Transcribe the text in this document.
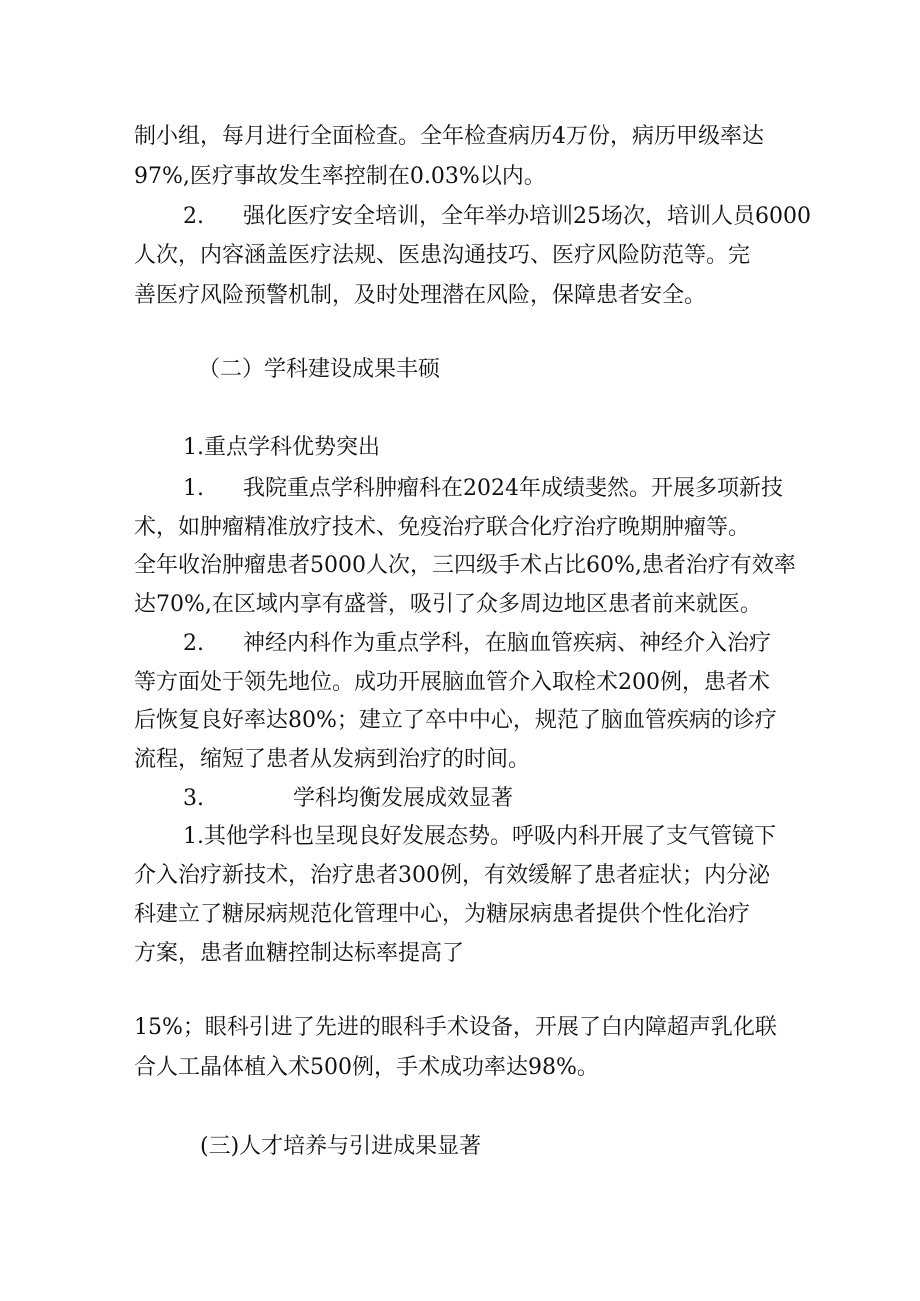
制小组，每月进行全面检查。全年检查病历4万份，病历甲级率达

97%,医疗事故发生率控制在0.03%以内。

2. 强化医疗安全培训，全年举办培训25场次，培训人员6000

人次，内容涵盖医疗法规、医患沟通技巧、医疗风险防范等。完

善医疗风险预警机制，及时处理潜在风险，保障患者安全。

（二）学科建设成果丰硕

1.重点学科优势突出

1. 我院重点学科肿瘤科在2024年成绩斐然。开展多项新技

术，如肿瘤精准放疗技术、免疫治疗联合化疗治疗晚期肿瘤等。

全年收治肿瘤患者5000人次，三四级手术占比60%,患者治疗有效率

达70%,在区域内享有盛誉，吸引了众多周边地区患者前来就医。

2. 神经内科作为重点学科，在脑血管疾病、神经介入治疗

等方面处于领先地位。成功开展脑血管介入取栓术200例，患者术

后恢复良好率达80%；建立了卒中中心，规范了脑血管疾病的诊疗

流程，缩短了患者从发病到治疗的时间。

3.	学科均衡发展成效显著

1.其他学科也呈现良好发展态势。呼吸内科开展了支气管镜下

介入治疗新技术，治疗患者300例，有效缓解了患者症状；内分泌

科建立了糖尿病规范化管理中心，为糖尿病患者提供个性化治疗

方案，患者血糖控制达标率提高了

15%；眼科引进了先进的眼科手术设备，开展了白内障超声乳化联

合人工晶体植入术500例，手术成功率达98%。

(三)人才培养与引进成果显著
